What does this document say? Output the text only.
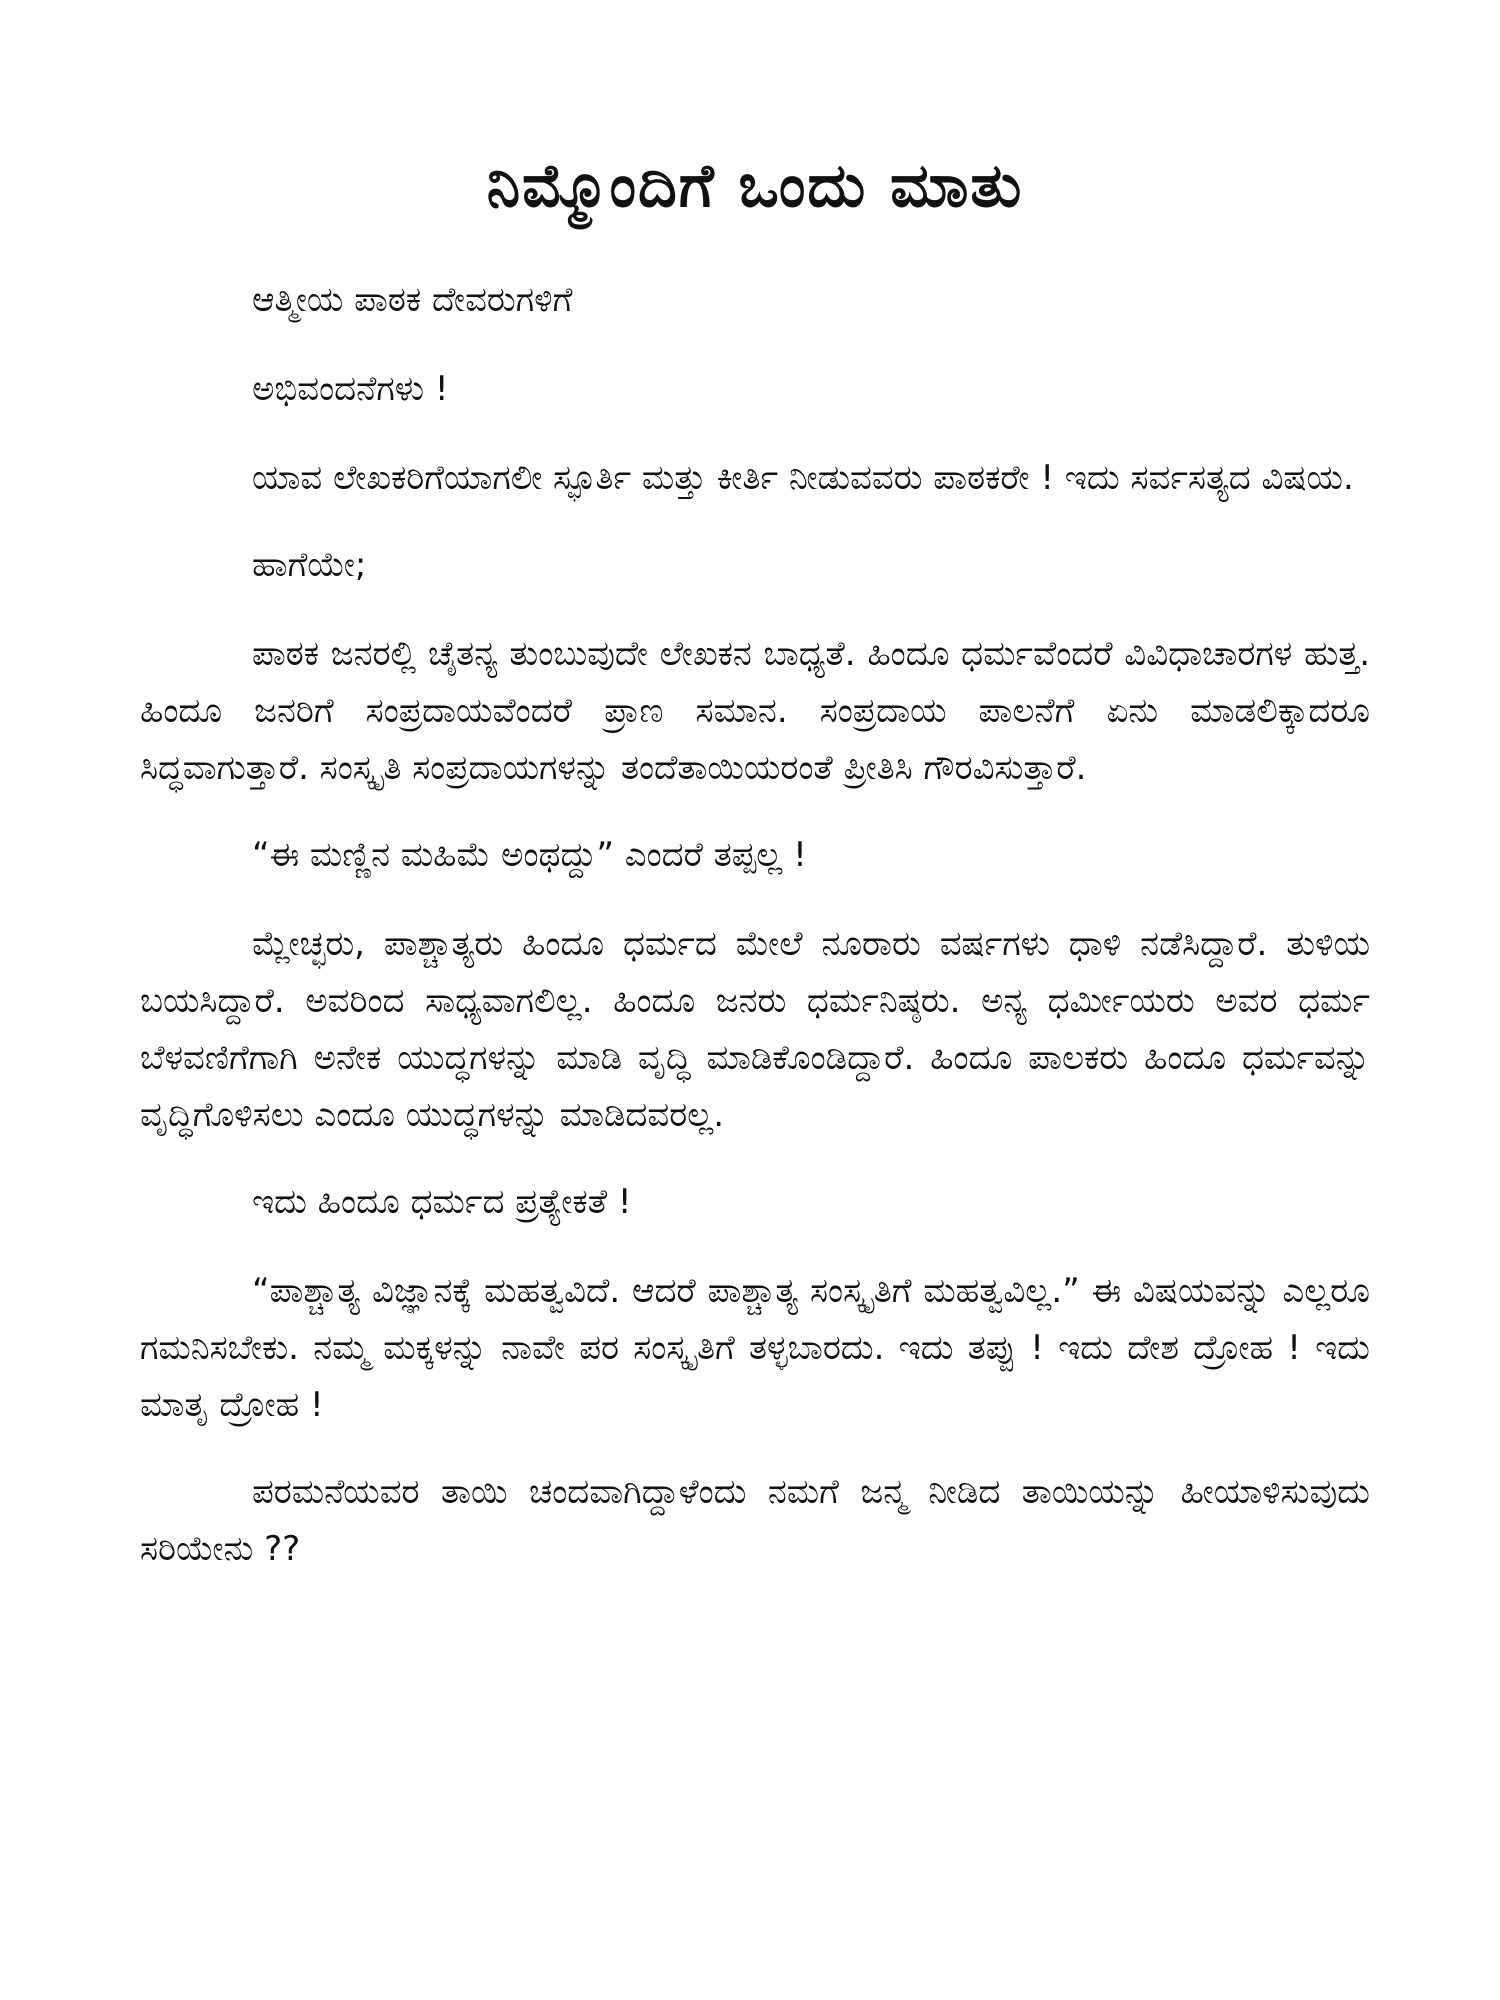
ನಿಮ್ಮೊಂದಿಗೆ ಒಂದು ಮಾತು

ಆತ್ಮೀಯ ಪಾಠಕ ದೇವರುಗಳಿಗೆ

ಅಭಿವಂದನೆಗಳು !

ಯಾವ ಲೇಖಕರಿಗೆಯಾಗಲೀ ಸ್ಫೂರ್ತಿ ಮತ್ತು ಕೀರ್ತಿ ನೀಡುವವರು ಪಾಠಕರೇ ! ಇದು ಸರ್ವಸತ್ಯದ ವಿಷಯ.

ಹಾಗೆಯೇ;

ಪಾಠಕ ಜನರಲ್ಲಿ ಚೈತನ್ಯ ತುಂಬುವುದೇ ಲೇಖಕನ ಬಾಧ್ಯತೆ. ಹಿಂದೂ ಧರ್ಮವೆಂದರೆ ವಿವಿಧಾಚಾರಗಳ ಹುತ್ತ. ಹಿಂದೂ ಜನರಿಗೆ ಸಂಪ್ರದಾಯವೆಂದರೆ ಪ್ರಾಣ ಸಮಾನ. ಸಂಪ್ರದಾಯ ಪಾಲನೆಗೆ ಏನು ಮಾಡಲಿಕ್ಕಾದರೂ ಸಿದ್ಧವಾಗುತ್ತಾರೆ. ಸಂಸ್ಕೃತಿ ಸಂಪ್ರದಾಯಗಳನ್ನು ತಂದೆತಾಯಿಯರಂತೆ ಪ್ರೀತಿಸಿ ಗೌರವಿಸುತ್ತಾರೆ.

“ಈ ಮಣ್ಣಿನ ಮಹಿಮೆ ಅಂಥದ್ದು” ಎಂದರೆ ತಪ್ಪಲ್ಲ !

ಮ್ಲೇಚ್ಛರು, ಪಾಶ್ಚಾತ್ಯರು ಹಿಂದೂ ಧರ್ಮದ ಮೇಲೆ ನೂರಾರು ವರ್ಷಗಳು ಧಾಳಿ ನಡೆಸಿದ್ದಾರೆ. ತುಳಿಯ ಬಯಸಿದ್ದಾರೆ. ಅವರಿಂದ ಸಾಧ್ಯವಾಗಲಿಲ್ಲ. ಹಿಂದೂ ಜನರು ಧರ್ಮನಿಷ್ಠರು. ಅನ್ಯ ಧರ್ಮೀಯರು ಅವರ ಧರ್ಮ ಬೆಳವಣಿಗೆಗಾಗಿ ಅನೇಕ ಯುದ್ಧಗಳನ್ನು ಮಾಡಿ ವೃದ್ಧಿ ಮಾಡಿಕೊಂಡಿದ್ದಾರೆ. ಹಿಂದೂ ಪಾಲಕರು ಹಿಂದೂ ಧರ್ಮವನ್ನು ವೃದ್ಧಿಗೊಳಿಸಲು ಎಂದೂ ಯುದ್ಧಗಳನ್ನು ಮಾಡಿದವರಲ್ಲ.

ಇದು ಹಿಂದೂ ಧರ್ಮದ ಪ್ರತ್ಯೇಕತೆ !

“ಪಾಶ್ಚಾತ್ಯ ವಿಜ್ಞಾನಕ್ಕೆ ಮಹತ್ವವಿದೆ. ಆದರೆ ಪಾಶ್ಚಾತ್ಯ ಸಂಸ್ಕೃತಿಗೆ ಮಹತ್ವವಿಲ್ಲ.” ಈ ವಿಷಯವನ್ನು ಎಲ್ಲರೂ ಗಮನಿಸಬೇಕು. ನಮ್ಮ ಮಕ್ಕಳನ್ನು ನಾವೇ ಪರ ಸಂಸ್ಕೃತಿಗೆ ತಳ್ಳಬಾರದು. ಇದು ತಪ್ಪು ! ಇದು ದೇಶ ದ್ರೋಹ ! ಇದು ಮಾತೃ ದ್ರೋಹ !

ಪರಮನೆಯವರ ತಾಯಿ ಚಂದವಾಗಿದ್ದಾಳೆಂದು ನಮಗೆ ಜನ್ಮ ನೀಡಿದ ತಾಯಿಯನ್ನು ಹೀಯಾಳಿಸುವುದು ಸರಿಯೇನು ??
